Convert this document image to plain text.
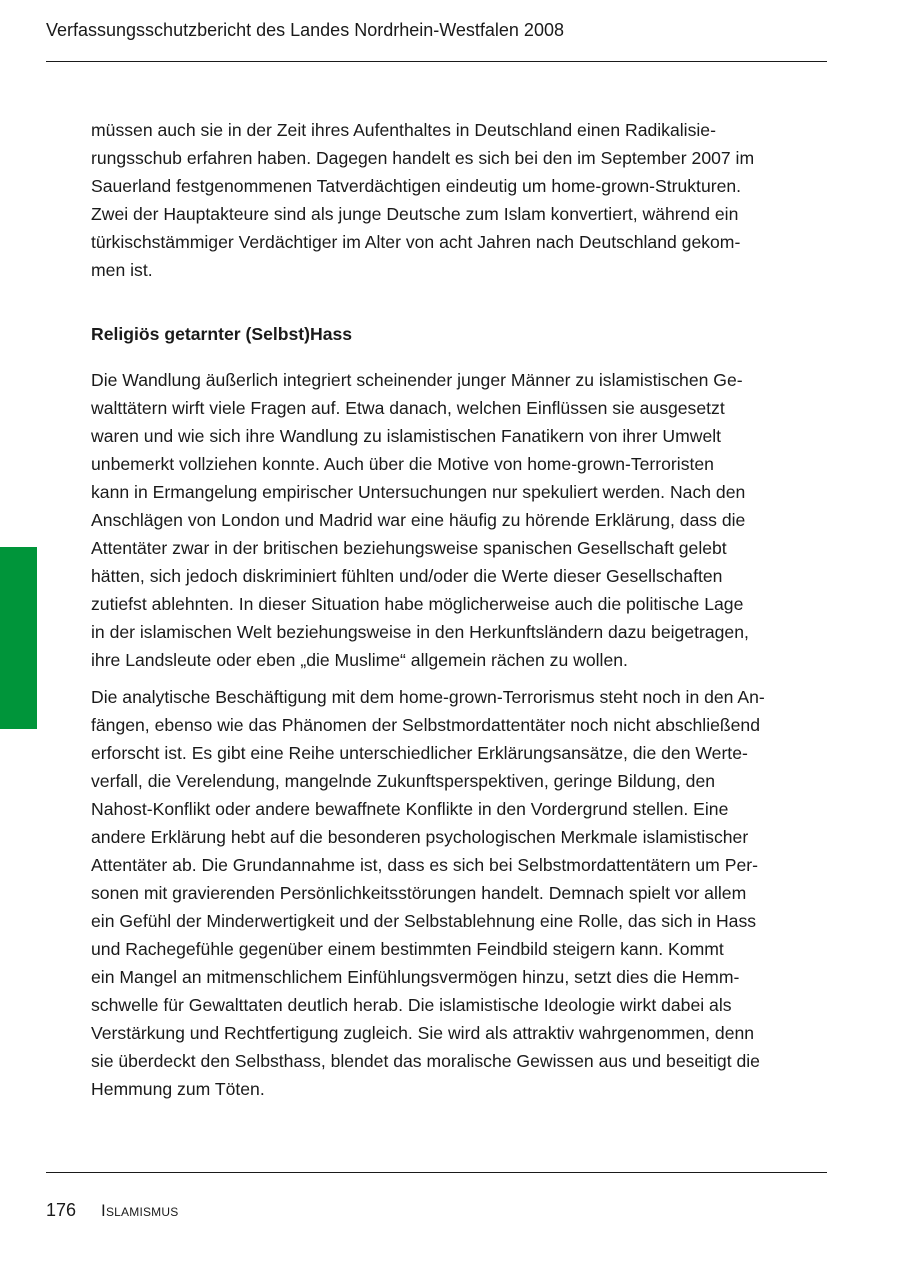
Verfassungsschutzbericht des Landes Nordrhein-Westfalen 2008

müssen auch sie in der Zeit ihres Aufenthaltes in Deutschland einen Radikalisie-
rungsschub erfahren haben. Dagegen handelt es sich bei den im September 2007 im
Sauerland festgenommenen Tatverdächtigen eindeutig um home-grown-Strukturen.
Zwei der Hauptakteure sind als junge Deutsche zum Islam konvertiert, während ein
türkischstämmiger Verdächtiger im Alter von acht Jahren nach Deutschland gekom-
men ist.

Religiös getarnter (Selbst)Hass

Die Wandlung äußerlich integriert scheinender junger Männer zu islamistischen Ge-
walttätern wirft viele Fragen auf. Etwa danach, welchen Einflüssen sie ausgesetzt
waren und wie sich ihre Wandlung zu islamistischen Fanatikern von ihrer Umwelt
unbemerkt vollziehen konnte. Auch über die Motive von home-grown-Terroristen
kann in Ermangelung empirischer Untersuchungen nur spekuliert werden. Nach den
Anschlägen von London und Madrid war eine häufig zu hörende Erklärung, dass die
Attentäter zwar in der britischen beziehungsweise spanischen Gesellschaft gelebt
hätten, sich jedoch diskriminiert fühlten und/oder die Werte dieser Gesellschaften
zutiefst ablehnten. In dieser Situation habe möglicherweise auch die politische Lage
in der islamischen Welt beziehungsweise in den Herkunftsländern dazu beigetragen,
ihre Landsleute oder eben „die Muslime“ allgemein rächen zu wollen.

Die analytische Beschäftigung mit dem home-grown-Terrorismus steht noch in den An-
fängen, ebenso wie das Phänomen der Selbstmordattentäter noch nicht abschließend
erforscht ist. Es gibt eine Reihe unterschiedlicher Erklärungsansätze, die den Werte-
verfall, die Verelendung, mangelnde Zukunftsperspektiven, geringe Bildung, den
Nahost-Konflikt oder andere bewaffnete Konflikte in den Vordergrund stellen. Eine
andere Erklärung hebt auf die besonderen psychologischen Merkmale islamistischer
Attentäter ab. Die Grundannahme ist, dass es sich bei Selbstmordattentätern um Per-
sonen mit gravierenden Persönlichkeitsstörungen handelt. Demnach spielt vor allem
ein Gefühl der Minderwertigkeit und der Selbstablehnung eine Rolle, das sich in Hass
und Rachegefühle gegenüber einem bestimmten Feindbild steigern kann. Kommt
ein Mangel an mitmenschlichem Einfühlungsvermögen hinzu, setzt dies die Hemm-
schwelle für Gewalttaten deutlich herab. Die islamistische Ideologie wirkt dabei als
Verstärkung und Rechtfertigung zugleich. Sie wird als attraktiv wahrgenommen, denn
sie überdeckt den Selbsthass, blendet das moralische Gewissen aus und beseitigt die
Hemmung zum Töten.

176 Islamismus
